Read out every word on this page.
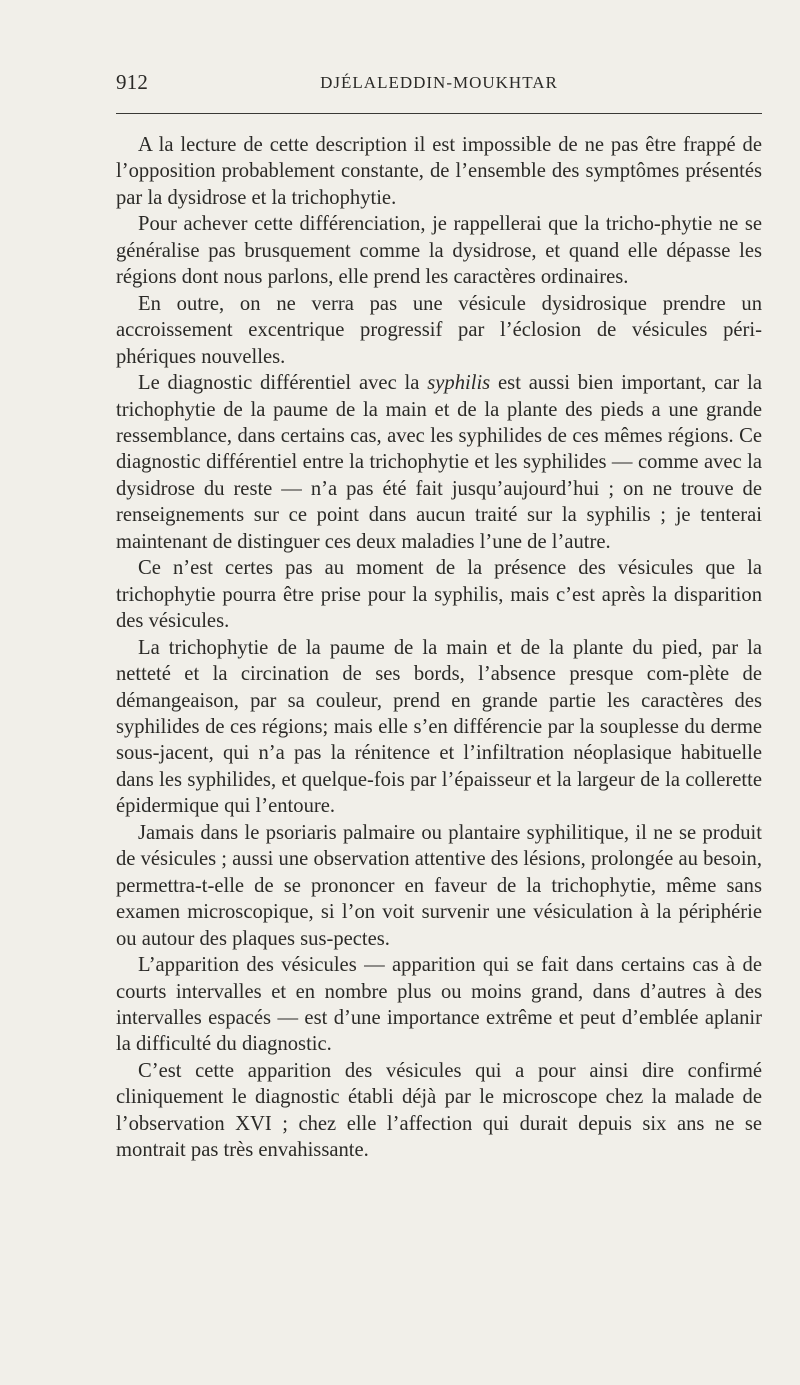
912	DJÉLALEDDIN-MOUKHTAR

A la lecture de cette description il est impossible de ne pas être frappé de l’opposition probablement constante, de l’ensemble des symptômes présentés par la dysidrose et la trichophytie.

Pour achever cette différenciation, je rappellerai que la tricho-phytie ne se généralise pas brusquement comme la dysidrose, et quand elle dépasse les régions dont nous parlons, elle prend les caractères ordinaires.

En outre, on ne verra pas une vésicule dysidrosique prendre un accroissement excentrique progressif par l’éclosion de vésicules péri-phériques nouvelles.

Le diagnostic différentiel avec la syphilis est aussi bien important, car la trichophytie de la paume de la main et de la plante des pieds a une grande ressemblance, dans certains cas, avec les syphilides de ces mêmes régions. Ce diagnostic différentiel entre la trichophytie et les syphilides — comme avec la dysidrose du reste — n’a pas été fait jusqu’aujourd’hui ; on ne trouve de renseignements sur ce point dans aucun traité sur la syphilis ; je tenterai maintenant de distinguer ces deux maladies l’une de l’autre.

Ce n’est certes pas au moment de la présence des vésicules que la trichophytie pourra être prise pour la syphilis, mais c’est après la disparition des vésicules.

La trichophytie de la paume de la main et de la plante du pied, par la netteté et la circination de ses bords, l’absence presque com-plète de démangeaison, par sa couleur, prend en grande partie les caractères des syphilides de ces régions; mais elle s’en différencie par la souplesse du derme sous-jacent, qui n’a pas la rénitence et l’infiltration néoplasique habituelle dans les syphilides, et quelque-fois par l’épaisseur et la largeur de la collerette épidermique qui l’entoure.

Jamais dans le psoriaris palmaire ou plantaire syphilitique, il ne se produit de vésicules ; aussi une observation attentive des lésions, prolongée au besoin, permettra-t-elle de se prononcer en faveur de la trichophytie, même sans examen microscopique, si l’on voit survenir une vésiculation à la périphérie ou autour des plaques sus-pectes.

L’apparition des vésicules — apparition qui se fait dans certains cas à de courts intervalles et en nombre plus ou moins grand, dans d’autres à des intervalles espacés — est d’une importance extrême et peut d’emblée aplanir la difficulté du diagnostic.

C’est cette apparition des vésicules qui a pour ainsi dire confirmé cliniquement le diagnostic établi déjà par le microscope chez la malade de l’observation XVI ; chez elle l’affection qui durait depuis six ans ne se montrait pas très envahissante.
